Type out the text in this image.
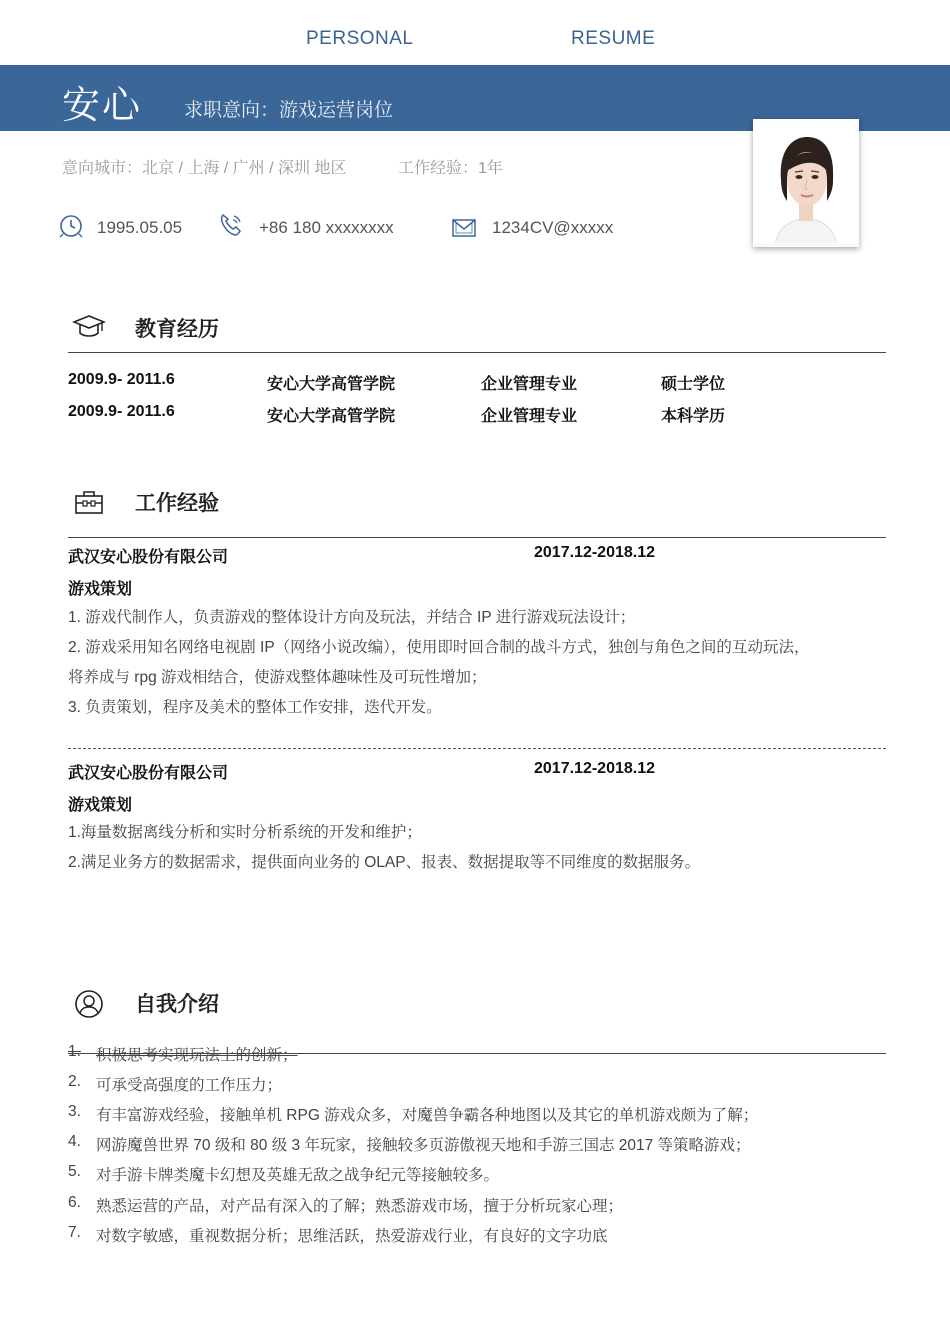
PERSONAL	RESUME
安心 求职意向：游戏运营岗位
意向城市：北京 / 上海 / 广州 / 深圳 地区	工作经验：1年
1995.05.05	+86 180 xxxxxxxx	1234CV@xxxxx
教育经历
2009.9- 2011.6	安心大学高管学院	企业管理专业	硕士学位
2009.9- 2011.6	安心大学高管学院	企业管理专业	本科学历
工作经验
武汉安心股份有限公司	2017.12-2018.12
游戏策划
1. 游戏代制作人，负责游戏的整体设计方向及玩法，并结合 IP 进行游戏玩法设计；
2. 游戏采用知名网络电视剧 IP（网络小说改编），使用即时回合制的战斗方式，独创与角色之间的互动玩法，
将养成与 rpg 游戏相结合，使游戏整体趣味性及可玩性增加；
3. 负责策划，程序及美术的整体工作安排，迭代开发。
武汉安心股份有限公司	2017.12-2018.12
游戏策划
1.海量数据离线分析和实时分析系统的开发和维护；
2.满足业务方的数据需求，提供面向业务的 OLAP、报表、数据提取等不同维度的数据服务。
自我介绍
1. 积极思考实现玩法上的创新；
2. 可承受高强度的工作压力；
3. 有丰富游戏经验，接触单机 RPG 游戏众多，对魔兽争霸各种地图以及其它的单机游戏颇为了解；
4. 网游魔兽世界 70 级和 80 级 3 年玩家，接触较多页游傲视天地和手游三国志 2017 等策略游戏；
5. 对手游卡牌类魔卡幻想及英雄无敌之战争纪元等接触较多。
6. 熟悉运营的产品，对产品有深入的了解；熟悉游戏市场，擅于分析玩家心理；
7. 对数字敏感，重视数据分析；思维活跃，热爱游戏行业，有良好的文字功底
